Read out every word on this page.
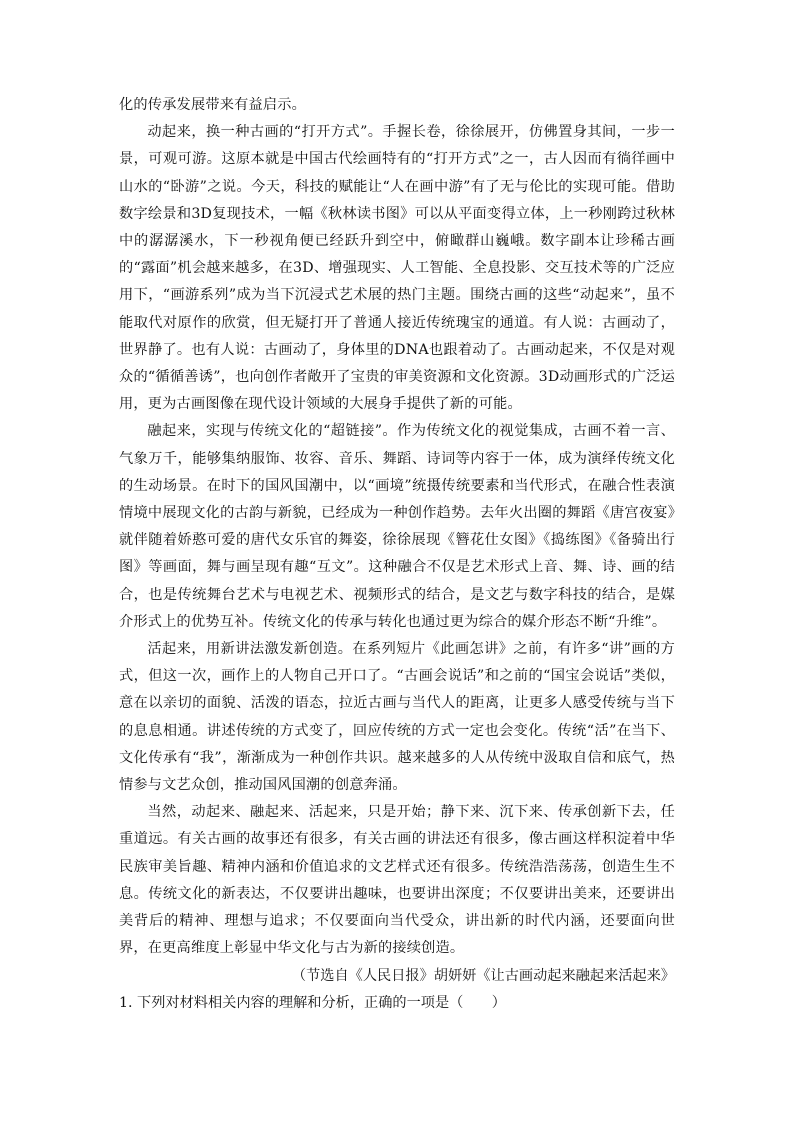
化的传承发展带来有益启示。

动起来，换一种古画的“打开方式”。手握长卷，徐徐展开，仿佛置身其间，一步一景，可观可游。这原本就是中国古代绘画特有的“打开方式”之一，古人因而有徜徉画中山水的“卧游”之说。今天，科技的赋能让“人在画中游”有了无与伦比的实现可能。借助数字绘景和3D复现技术，一幅《秋林读书图》可以从平面变得立体，上一秒刚跨过秋林中的潺潺溪水，下一秒视角便已经跃升到空中，俯瞰群山巍峨。数字副本让珍稀古画的“露面”机会越来越多，在3D、增强现实、人工智能、全息投影、交互技术等的广泛应用下，“画游系列”成为当下沉浸式艺术展的热门主题。围绕古画的这些“动起来”，虽不能取代对原作的欣赏，但无疑打开了普通人接近传统瑰宝的通道。有人说：古画动了，世界静了。也有人说：古画动了，身体里的DNA也跟着动了。古画动起来，不仅是对观众的“循循善诱”，也向创作者敞开了宝贵的审美资源和文化资源。3D动画形式的广泛运用，更为古画图像在现代设计领域的大展身手提供了新的可能。

融起来，实现与传统文化的“超链接”。作为传统文化的视觉集成，古画不着一言、气象万千，能够集纳服饰、妆容、音乐、舞蹈、诗词等内容于一体，成为演绎传统文化的生动场景。在时下的国风国潮中，以“画境”统摄传统要素和当代形式，在融合性表演情境中展现文化的古韵与新貌，已经成为一种创作趋势。去年火出圈的舞蹈《唐宫夜宴》就伴随着娇憨可爱的唐代女乐官的舞姿，徐徐展现《簪花仕女图》《捣练图》《备骑出行图》等画面，舞与画呈现有趣“互文”。这种融合不仅是艺术形式上音、舞、诗、画的结合，也是传统舞台艺术与电视艺术、视频形式的结合，是文艺与数字科技的结合，是媒介形式上的优势互补。传统文化的传承与转化也通过更为综合的媒介形态不断“升维”。

活起来，用新讲法激发新创造。在系列短片《此画怎讲》之前，有许多“讲”画的方式，但这一次，画作上的人物自己开口了。“古画会说话”和之前的“国宝会说话”类似，意在以亲切的面貌、活泼的语态，拉近古画与当代人的距离，让更多人感受传统与当下的息息相通。讲述传统的方式变了，回应传统的方式一定也会变化。传统“活”在当下、文化传承有“我”，渐渐成为一种创作共识。越来越多的人从传统中汲取自信和底气，热情参与文艺众创，推动国风国潮的创意奔涌。

当然，动起来、融起来、活起来，只是开始；静下来、沉下来、传承创新下去，任重道远。有关古画的故事还有很多，有关古画的讲法还有很多，像古画这样积淀着中华民族审美旨趣、精神内涵和价值追求的文艺样式还有很多。传统浩浩荡荡，创造生生不息。传统文化的新表达，不仅要讲出趣味，也要讲出深度；不仅要讲出美来，还要讲出美背后的精神、理想与追求；不仅要面向当代受众，讲出新的时代内涵，还要面向世界，在更高维度上彰显中华文化与古为新的接续创造。

（节选自《人民日报》胡妍妍《让古画动起来融起来活起来》

1. 下列对材料相关内容的理解和分析，正确的一项是（　　）
